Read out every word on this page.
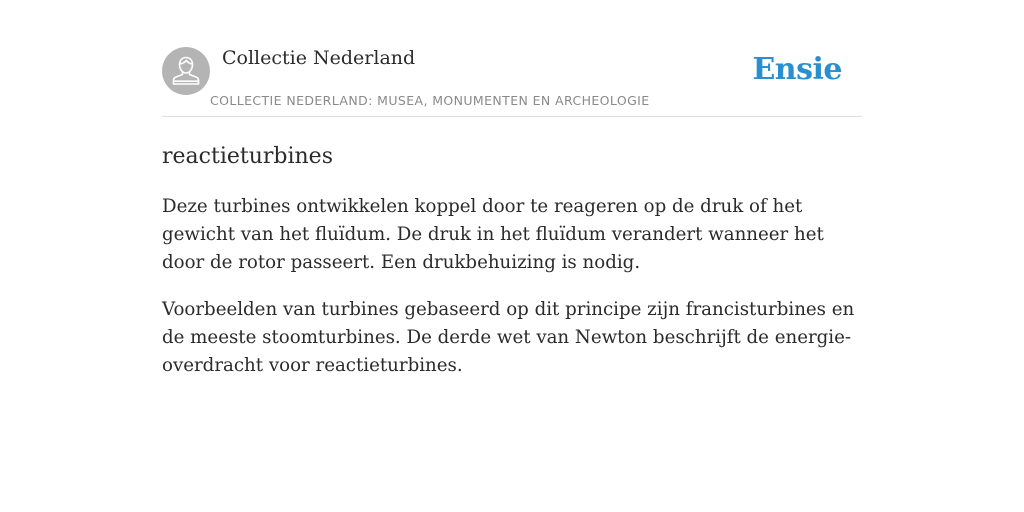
Collectie Nederland
COLLECTIE NEDERLAND: MUSEA, MONUMENTEN EN ARCHEOLOGIE
Ensie
reactieturbines

Deze turbines ontwikkelen koppel door te reageren op de druk of het gewicht van het fluïdum. De druk in het fluïdum verandert wanneer het door de rotor passeert. Een drukbehuizing is nodig.

Voorbeelden van turbines gebaseerd op dit principe zijn francisturbines en de meeste stoomturbines. De derde wet van Newton beschrijft de energie-overdracht voor reactieturbines.
